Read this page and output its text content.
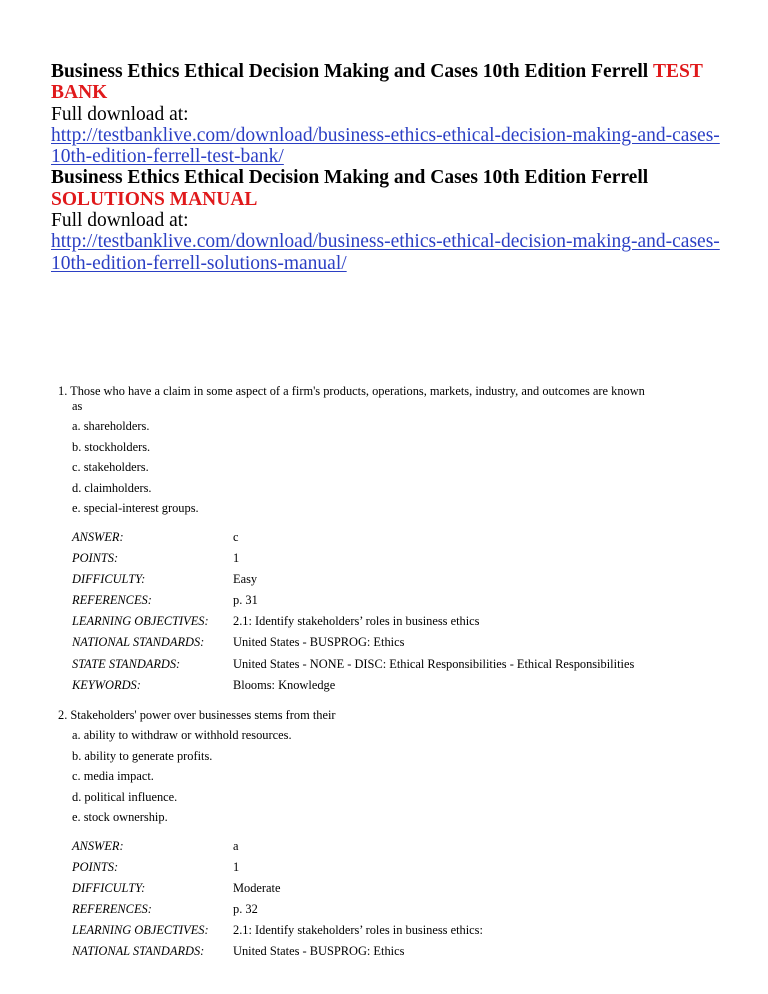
Business Ethics Ethical Decision Making and Cases 10th Edition Ferrell TEST
BANK
Full download at:
http://testbanklive.com/download/business-ethics-ethical-decision-making-and-cases-
10th-edition-ferrell-test-bank/
Business Ethics Ethical Decision Making and Cases 10th Edition Ferrell
SOLUTIONS MANUAL
Full download at:
http://testbanklive.com/download/business-ethics-ethical-decision-making-and-cases-
10th-edition-ferrell-solutions-manual/
1. Those who have a claim in some aspect of a firm's products, operations, markets, industry, and outcomes are known
as
a. shareholders.
b. stockholders.
c. stakeholders.
d. claimholders.
e. special-interest groups.
ANSWER:	c
POINTS:	1
DIFFICULTY:	Easy
REFERENCES:	p. 31
LEARNING OBJECTIVES:	2.1: Identify stakeholders’ roles in business ethics
NATIONAL STANDARDS:	United States - BUSPROG: Ethics
STATE STANDARDS:	United States - NONE - DISC: Ethical Responsibilities - Ethical Responsibilities
KEYWORDS:	Blooms: Knowledge
2. Stakeholders' power over businesses stems from their
a. ability to withdraw or withhold resources.
b. ability to generate profits.
c. media impact.
d. political influence.
e. stock ownership.
ANSWER:	a
POINTS:	1
DIFFICULTY:	Moderate
REFERENCES:	p. 32
LEARNING OBJECTIVES:	2.1: Identify stakeholders’ roles in business ethics:
NATIONAL STANDARDS:	United States - BUSPROG: Ethics
